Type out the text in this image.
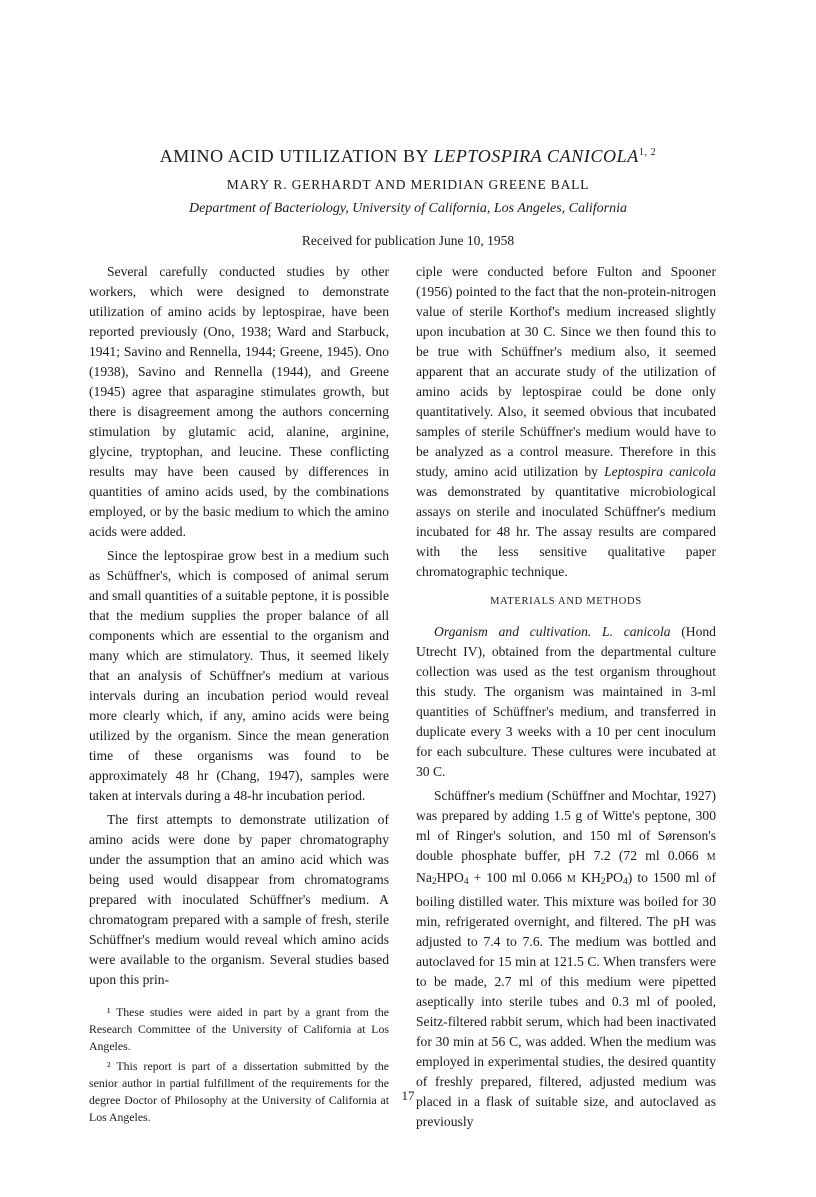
AMINO ACID UTILIZATION BY LEPTOSPIRA CANICOLA$^{1, 2}$
MARY R. GERHARDT AND MERIDIAN GREENE BALL
Department of Bacteriology, University of California, Los Angeles, California
Received for publication June 10, 1958

Several carefully conducted studies by other workers, which were designed to demonstrate utilization of amino acids by leptospirae, have been reported previously (Ono, 1938; Ward and Starbuck, 1941; Savino and Rennella, 1944; Greene, 1945). Ono (1938), Savino and Rennella (1944), and Greene (1945) agree that asparagine stimulates growth, but there is disagreement among the authors concerning stimulation by glutamic acid, alanine, arginine, glycine, tryptophan, and leucine. These conflicting results may have been caused by differences in quantities of amino acids used, by the combinations employed, or by the basic medium to which the amino acids were added.

Since the leptospirae grow best in a medium such as Schüffner's, which is composed of animal serum and small quantities of a suitable peptone, it is possible that the medium supplies the proper balance of all components which are essential to the organism and many which are stimulatory. Thus, it seemed likely that an analysis of Schüffner's medium at various intervals during an incubation period would reveal more clearly which, if any, amino acids were being utilized by the organism. Since the mean generation time of these organisms was found to be approximately 48 hr (Chang, 1947), samples were taken at intervals during a 48-hr incubation period.

The first attempts to demonstrate utilization of amino acids were done by paper chromatography under the assumption that an amino acid which was being used would disappear from chromatograms prepared with inoculated Schüffner's medium. A chromatogram prepared with a sample of fresh, sterile Schüffner's medium would reveal which amino acids were available to the organism. Several studies based upon this prin-

¹ These studies were aided in part by a grant from the Research Committee of the University of California at Los Angeles.

² This report is part of a dissertation submitted by the senior author in partial fulfillment of the requirements for the degree Doctor of Philosophy at the University of California at Los Angeles.

ciple were conducted before Fulton and Spooner (1956) pointed to the fact that the non-protein-nitrogen value of sterile Korthof's medium increased slightly upon incubation at 30 C. Since we then found this to be true with Schüffner's medium also, it seemed apparent that an accurate study of the utilization of amino acids by leptospirae could be done only quantitatively. Also, it seemed obvious that incubated samples of sterile Schüffner's medium would have to be analyzed as a control measure. Therefore in this study, amino acid utilization by Leptospira canicola was demonstrated by quantitative microbiological assays on sterile and inoculated Schüffner's medium incubated for 48 hr. The assay results are compared with the less sensitive qualitative paper chromatographic technique.

MATERIALS AND METHODS

Organism and cultivation. L. canicola (Hond Utrecht IV), obtained from the departmental culture collection was used as the test organism throughout this study. The organism was maintained in 3-ml quantities of Schüffner's medium, and transferred in duplicate every 3 weeks with a 10 per cent inoculum for each subculture. These cultures were incubated at 30 C.

Schüffner's medium (Schüffner and Mochtar, 1927) was prepared by adding 1.5 g of Witte's peptone, 300 ml of Ringer's solution, and 150 ml of Sørenson's double phosphate buffer, pH 7.2 (72 ml 0.066 M $Na_2HPO_4 + 100$ ml 0.066 M $KH_2PO_4$) to 1500 ml of boiling distilled water. This mixture was boiled for 30 min, refrigerated overnight, and filtered. The pH was adjusted to 7.4 to 7.6. The medium was bottled and autoclaved for 15 min at 121.5 C. When transfers were to be made, 2.7 ml of this medium were pipetted aseptically into sterile tubes and 0.3 ml of pooled, Seitz-filtered rabbit serum, which had been inactivated for 30 min at 56 C, was added. When the medium was employed in experimental studies, the desired quantity of freshly prepared, filtered, adjusted medium was placed in a flask of suitable size, and autoclaved as previously

17
